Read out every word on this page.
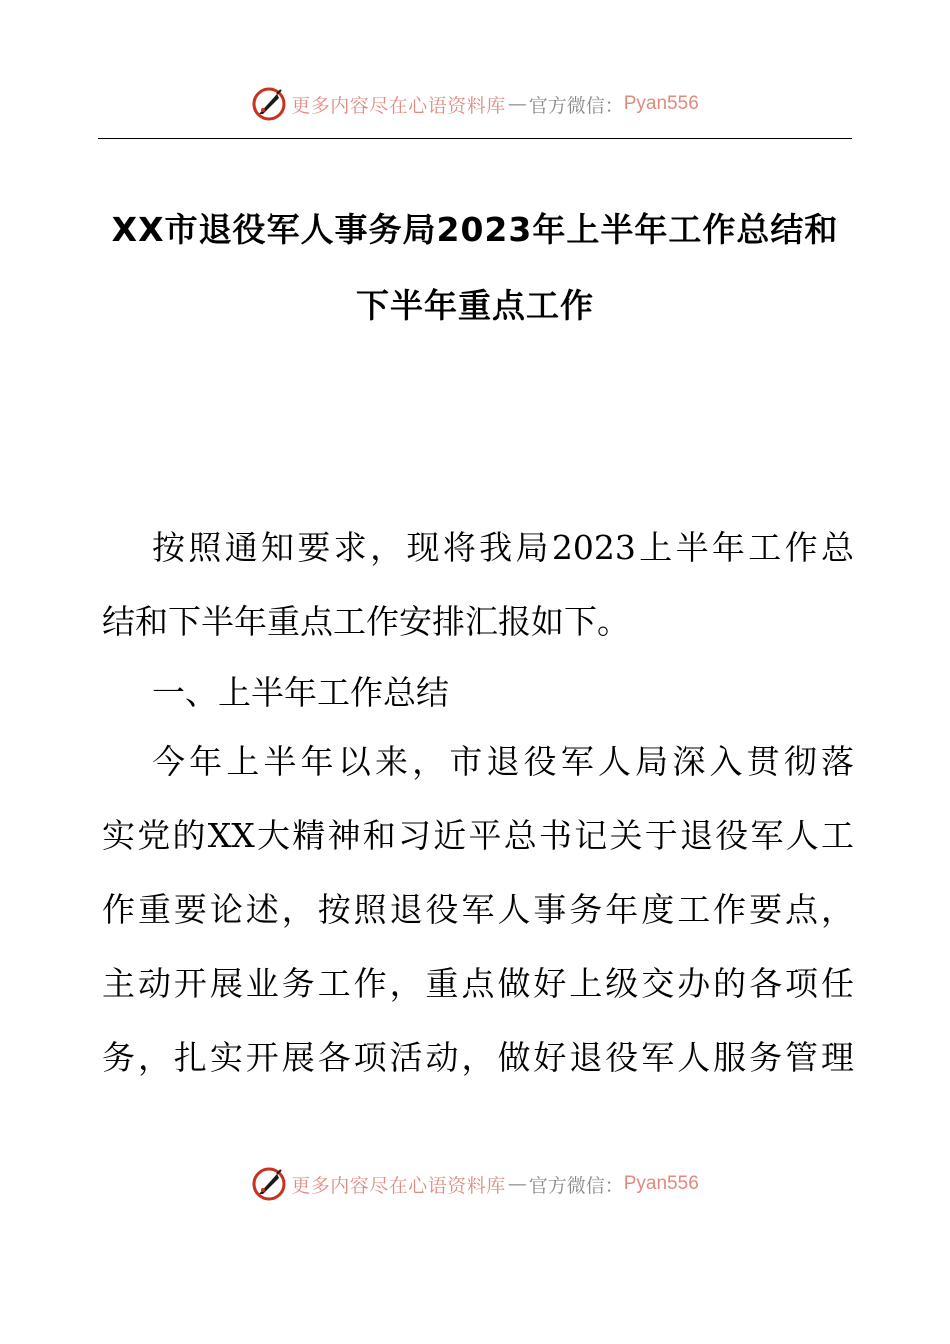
更多内容尽在心语资料库 — 官方微信： Pyan556
XX市退役军人事务局2023年上半年工作总结和
下半年重点工作
按照通知要求，现将我局2023上半年工作总
结和下半年重点工作安排汇报如下。
一、上半年工作总结
今年上半年以来，市退役军人局深入贯彻落
实党的XX大精神和习近平总书记关于退役军人工
作重要论述，按照退役军人事务年度工作要点，
主动开展业务工作，重点做好上级交办的各项任
务，扎实开展各项活动，做好退役军人服务管理
更多内容尽在心语资料库 — 官方微信： Pyan556
